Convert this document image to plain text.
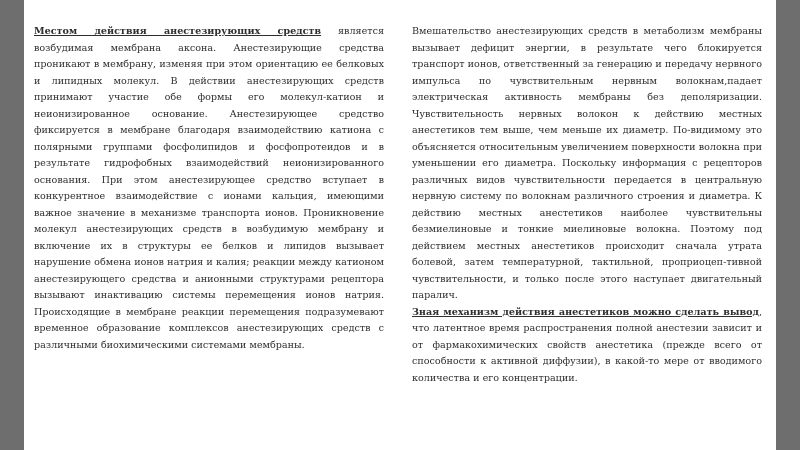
Местом действия анестезирующих средств является возбудимая мембрана аксона. Анестезирующие средства проникают в мембрану, изменяя при этом ориентацию ее белковых и липидных молекул. В действии анестезирующих средств принимают участие обе формы его молекул-катион и неионизированное основание. Анестезирующее средство фиксируется в мембране благодаря взаимодействию катиона с полярными группами фосфолипидов и фосфопротеидов и в результате гидрофобных взаимодействий неионизированного основания. При этом анестезирующее средство вступает в конкурентное взаимодействие с ионами кальция, имеющими важное значение в механизме транспорта ионов. Проникновение молекул анестезирующих средств в возбудимую мембрану и включение их в структуры ее белков и липидов вызывает нарушение обмена ионов натрия и калия; реакции между катионом анестезирующего средства и анионными структурами рецептора вызывают инактивацию системы перемещения ионов натрия. Происходящие в мембране реакции перемещения подразумевают временное образование комплексов анестезирующих средств с различными биохимическими системами мембраны.

Вмешательство анестезирующих средств в метаболизм мембраны вызывает дефицит энергии, в результате чего блокируется транспорт ионов, ответственный за генерацию и передачу нервного импульса по чувствительным нервным волокнам,падает электрическая активность мембраны без деполяризации. Чувствительность нервных волокон к действию местных анестетиков тем выше, чем меньше их диаметр. По-видимому это объясняется относительным увеличением поверхности волокна при уменьшении его диаметра. Поскольку информация с рецепторов различных видов чувствительности передается в центральную нервную систему по волокнам различного строения и диаметра. К действию местных анестетиков наиболее чувствительны безмиелиновые и тонкие миелиновые волокна. Поэтому под действием местных анестетиков происходит сначала утрата болевой, затем температурной, тактильной, проприоцеп-тивной чувствительности, и только после этого наступает двигательный паралич.

Зная механизм действия анестетиков можно сделать вывод, что латентное время распространения полной анестезии зависит и от фармакохимических свойств анестетика (прежде всего от способности к активной диффузии), в какой-то мере от вводимого количества и его концентрации.
